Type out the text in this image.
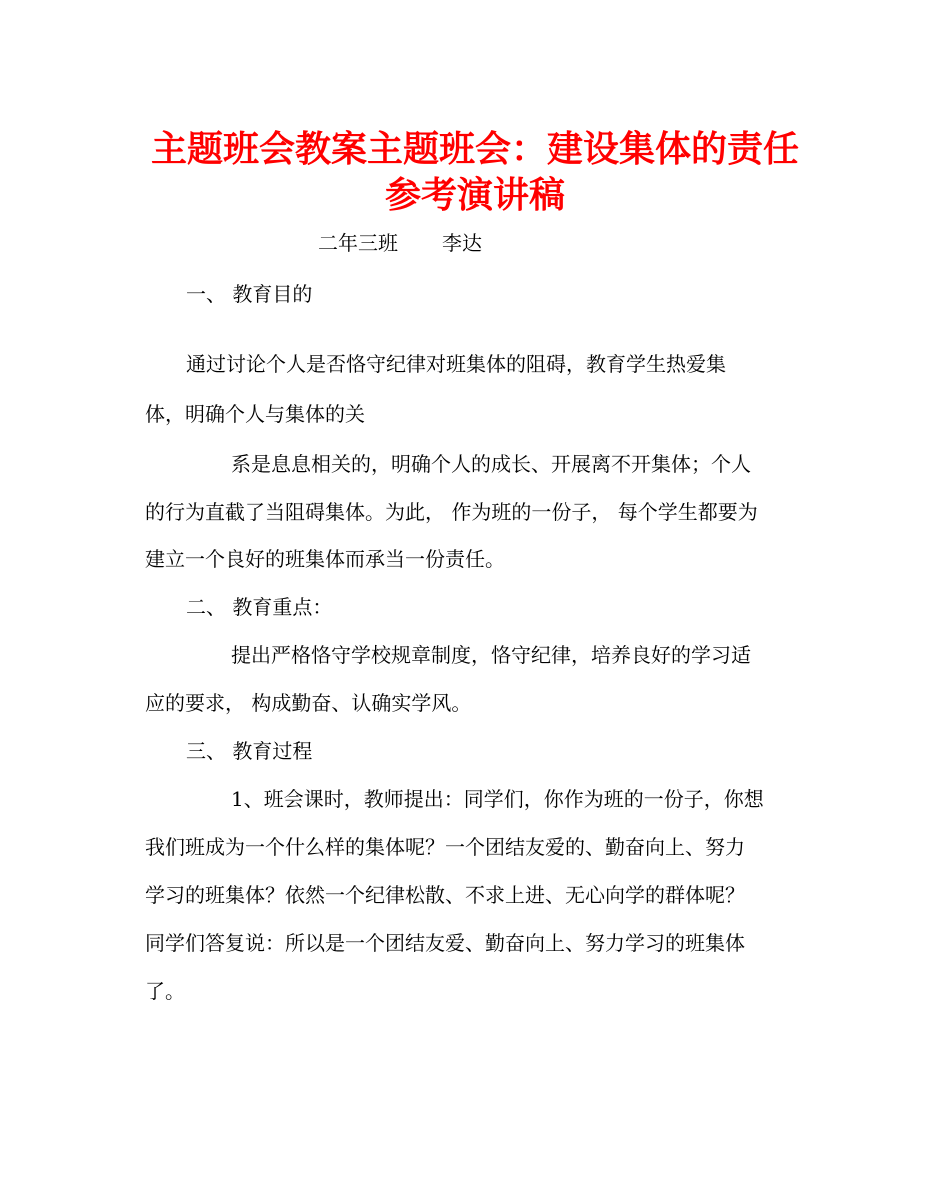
主题班会教案主题班会：建设集体的责任
参考演讲稿
二年三班 李达
一、 教育目的
通过讨论个人是否恪守纪律对班集体的阻碍，教育学生热爱集
体，明确个人与集体的关
系是息息相关的，明确个人的成长、开展离不开集体；个人
的行为直截了当阻碍集体。为此， 作为班的一份子， 每个学生都要为
建立一个良好的班集体而承当一份责任。
二、 教育重点：
提出严格恪守学校规章制度，恪守纪律，培养良好的学习适
应的要求， 构成勤奋、认确实学风。
三、 教育过程
1、班会课时，教师提出：同学们，你作为班的一份子，你想
我们班成为一个什么样的集体呢？一个团结友爱的、勤奋向上、努力
学习的班集体？依然一个纪律松散、不求上进、无心向学的群体呢？
同学们答复说：所以是一个团结友爱、勤奋向上、努力学习的班集体
了。
